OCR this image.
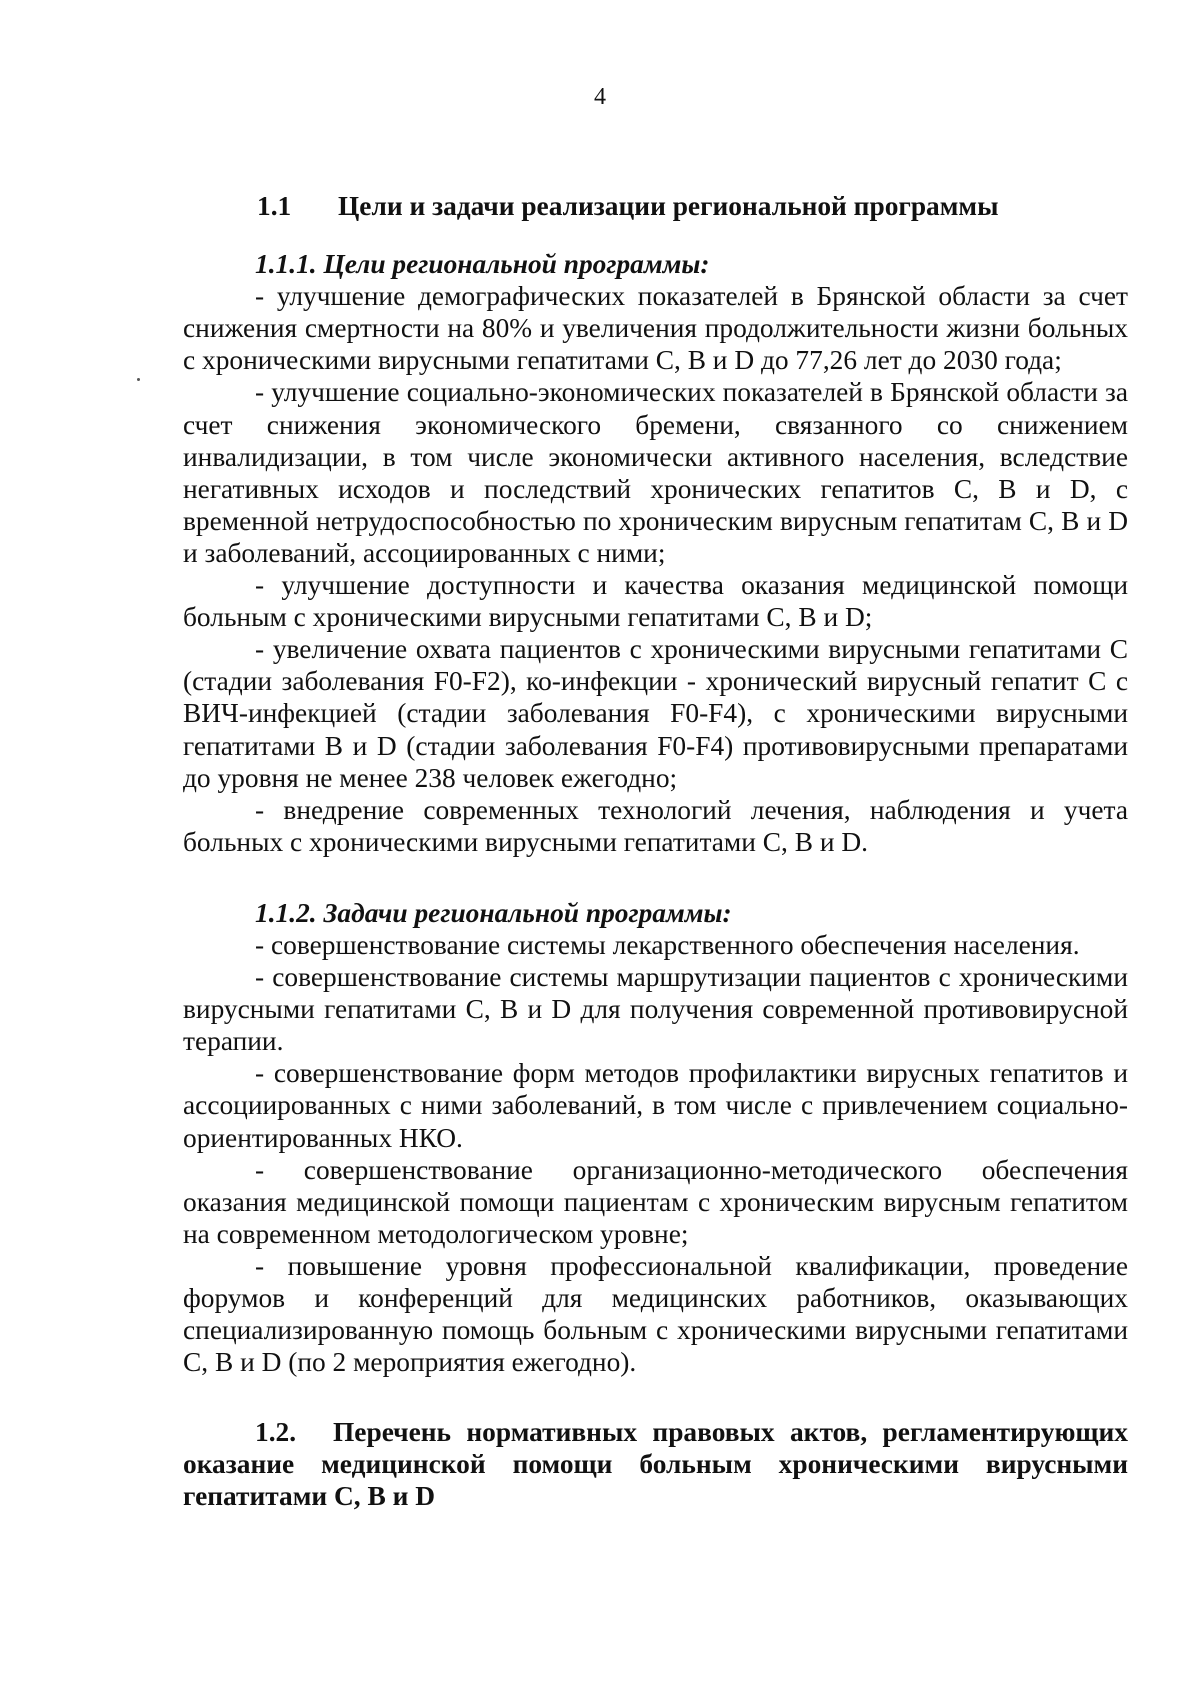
4
1.1	Цели и задачи реализации региональной программы

1.1.1. Цели региональной программы:

- улучшение демографических показателей в Брянской области за счет снижения смертности на 80% и увеличения продолжительности жизни больных с хроническими вирусными гепатитами С, В и D до 77,26 лет до 2030 года;

- улучшение социально-экономических показателей в Брянской области за счет снижения экономического бремени, связанного со снижением инвалидизации, в том числе экономически активного населения, вследствие негативных исходов и последствий хронических гепатитов С, В и D, с временной нетрудоспособностью по хроническим вирусным гепатитам С, В и D и заболеваний, ассоциированных с ними;

- улучшение доступности и качества оказания медицинской помощи больным с хроническими вирусными гепатитами С, В и D;

- увеличение охвата пациентов с хроническими вирусными гепатитами С (стадии заболевания F0-F2), ко-инфекции - хронический вирусный гепатит С с ВИЧ-инфекцией (стадии заболевания F0-F4), с хроническими вирусными гепатитами В и D (стадии заболевания F0-F4) противовирусными препаратами до уровня не менее 238 человек ежегодно;

- внедрение современных технологий лечения, наблюдения и учета больных с хроническими вирусными гепатитами С, В и D.

1.1.2. Задачи региональной программы:

- совершенствование системы лекарственного обеспечения населения.

- совершенствование системы маршрутизации пациентов с хроническими вирусными гепатитами С, В и D для получения современной противовирусной терапии.

- совершенствование форм методов профилактики вирусных гепатитов и ассоциированных с ними заболеваний, в том числе с привлечением социально-ориентированных НКО.

- совершенствование организационно-методического обеспечения оказания медицинской помощи пациентам с хроническим вирусным гепатитом на современном методологическом уровне;

- повышение уровня профессиональной квалификации, проведение форумов и конференций для медицинских работников, оказывающих специализированную помощь больным с хроническими вирусными гепатитами С, В и D (по 2 мероприятия ежегодно).

1.2. Перечень нормативных правовых актов, регламентирующих оказание медицинской помощи больным хроническими вирусными гепатитами С, В и D
